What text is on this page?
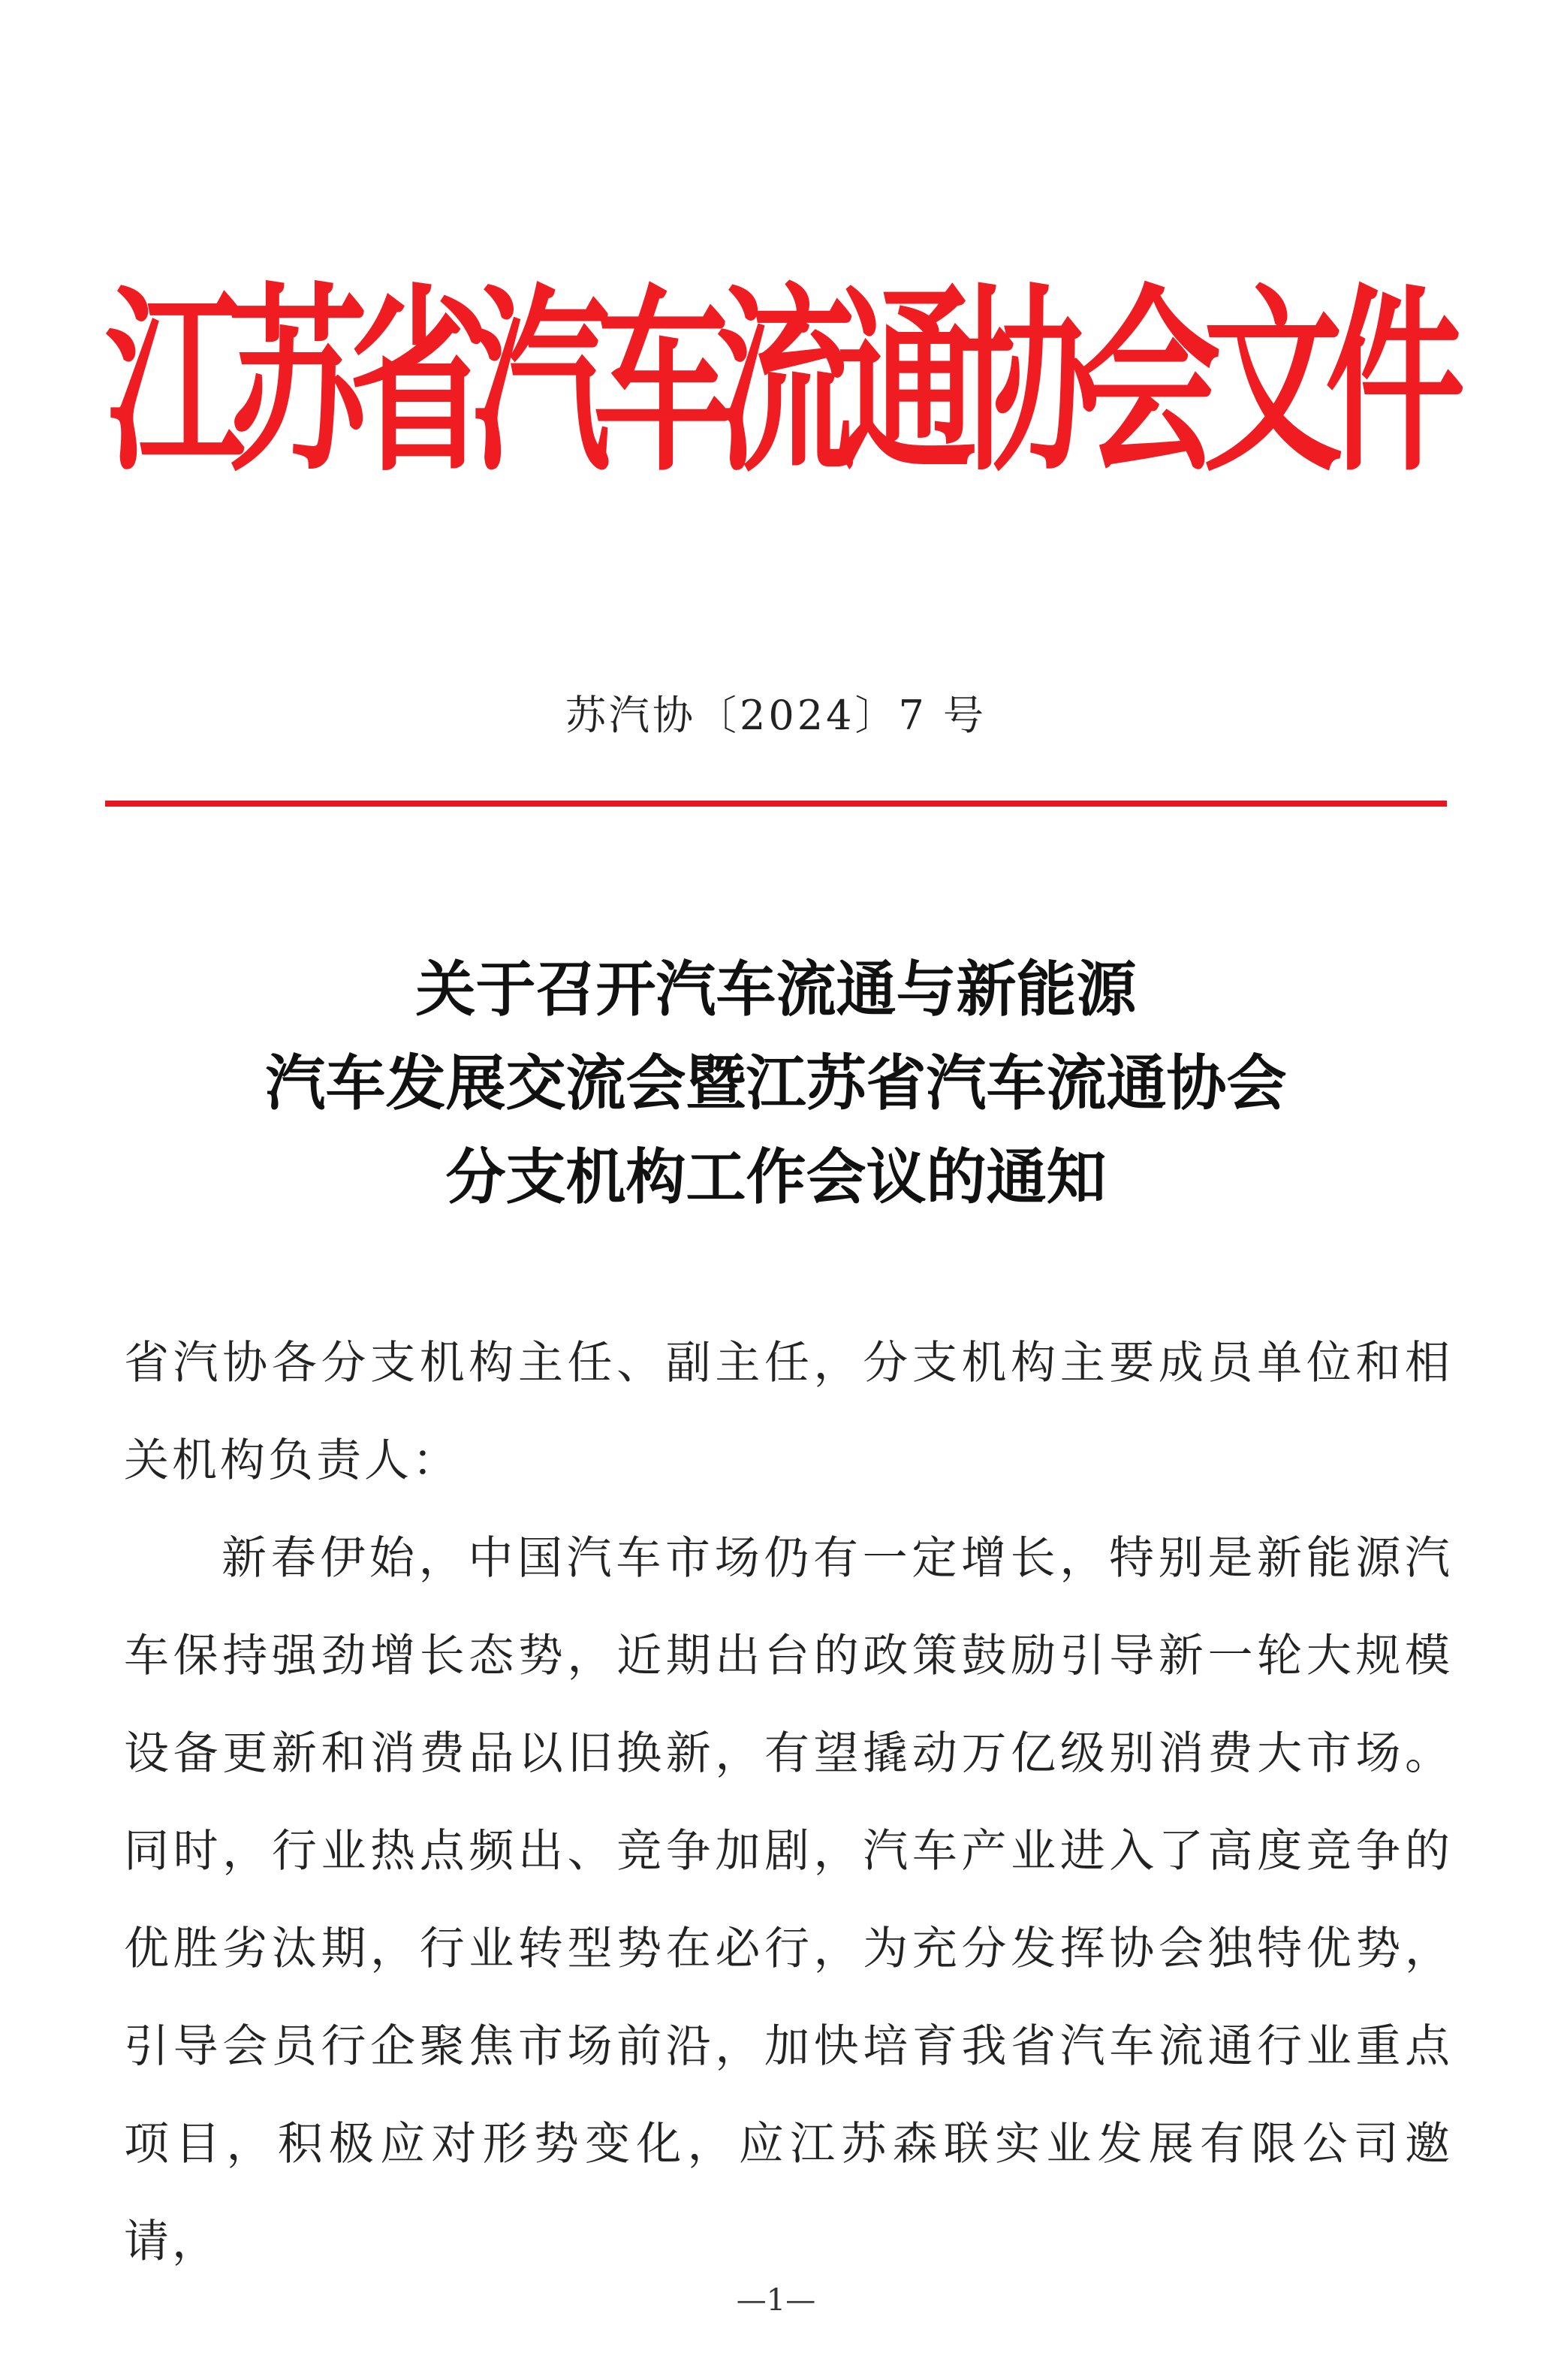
江
苏
省
汽
车
流
通
协
会
文
件
苏汽协〔2024〕7 号
关于召开汽车流通与新能源
汽车发展交流会暨江苏省汽车流通协会
分支机构工作会议的通知

省汽协各分支机构主任、副主任，分支机构主要成员单位和相关机构负责人：

新春伊始，中国汽车市场仍有一定增长，特别是新能源汽车保持强劲增长态势，近期出台的政策鼓励引导新一轮大规模设备更新和消费品以旧换新，有望撬动万亿级别消费大市场。同时，行业热点频出、竞争加剧，汽车产业进入了高度竞争的优胜劣汰期，行业转型势在必行，为充分发挥协会独特优势，引导会员行企聚焦市场前沿，加快培育我省汽车流通行业重点项目，积极应对形势变化，应江苏森联实业发展有限公司邀请，

—1—
